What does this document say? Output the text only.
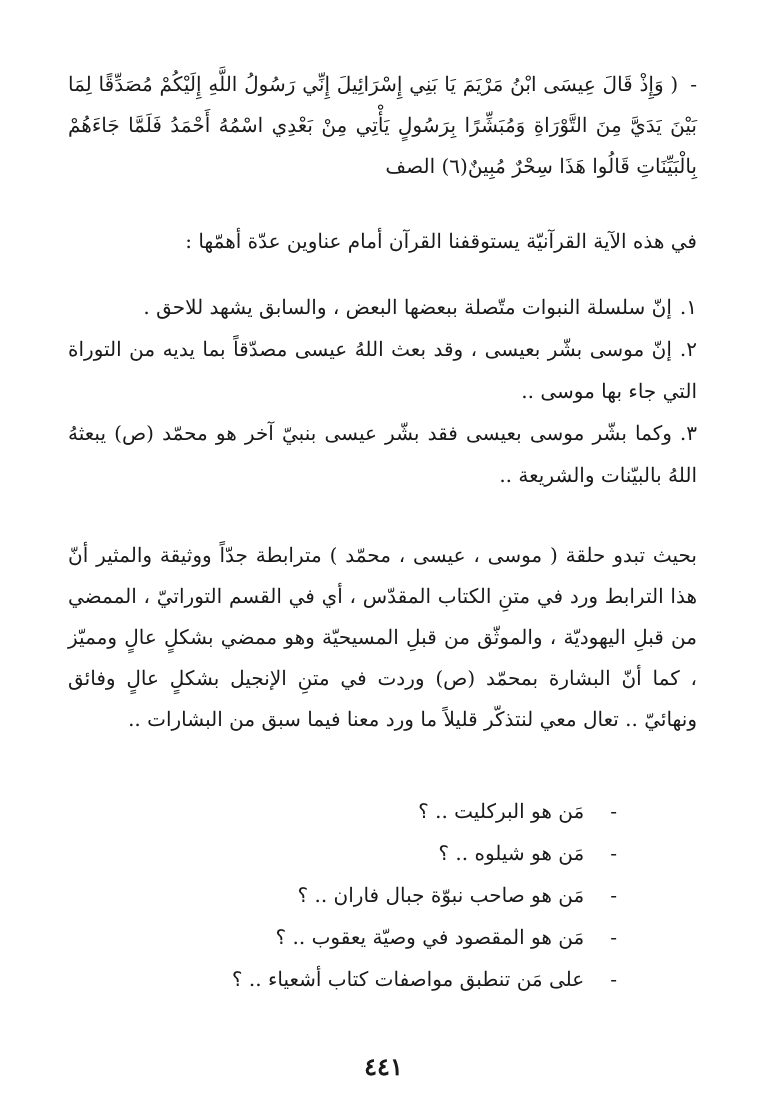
-( وَإِذْ قَالَ عِيسَى ابْنُ مَرْيَمَ يَا بَنِي إِسْرَائِيلَ إِنِّي رَسُولُ اللَّهِ إِلَيْكُمْ مُصَدِّقًا لِمَا بَيْنَ يَدَيَّ مِنَ التَّوْرَاةِ وَمُبَشِّرًا بِرَسُولٍ يَأْتِي مِنْ بَعْدِي اسْمُهُ أَحْمَدُ فَلَمَّا جَاءَهُمْ بِالْبَيِّنَاتِ قَالُوا هَذَا سِحْرٌ مُبِينٌ(٦) الصف

في هذه الآية القرآنيّة يستوقفنا القرآن أمام عناوين عدّة أهمّها :

١.إنّ سلسلة النبوات متّصلة ببعضها البعض ، والسابق يشهد للاحق .
٢.إنّ موسى بشّر بعيسى ، وقد بعث اللهُ عيسى مصدّقاً بما يديه من التوراة التي جاء بها موسى ..
٣.وكما بشّر موسى بعيسى فقد بشّر عيسى بنبيّ آخر هو محمّد (ص) يبعثهُ اللهُ بالبيّنات والشريعة ..

بحيث تبدو حلقة ( موسى ، عيسى ، محمّد ) مترابطة جدّاً ووثيقة والمثير أنّ هذا الترابط ورد في متنِ الكتاب المقدّس ، أي في القسم التوراتيّ ، الممضي من قبلِ اليهوديّة ، والموثّق من قبلِ المسيحيّة وهو ممضي بشكلٍ عالٍ ومميّز ، كما أنّ البشارة بمحمّد (ص) وردت في متنِ الإنجيل بشكلٍ عالٍ وفائق ونهائيّ .. تعال معي لنتذكّر قليلاً ما ورد معنا فيما سبق من البشارات ..

-مَن هو البركليت .. ؟
-مَن هو شيلوه .. ؟
-مَن هو صاحب نبوّة جبال فاران .. ؟
-مَن هو المقصود في وصيّة يعقوب .. ؟
-على مَن تنطبق مواصفات كتاب أشعياء .. ؟
٤٤١
